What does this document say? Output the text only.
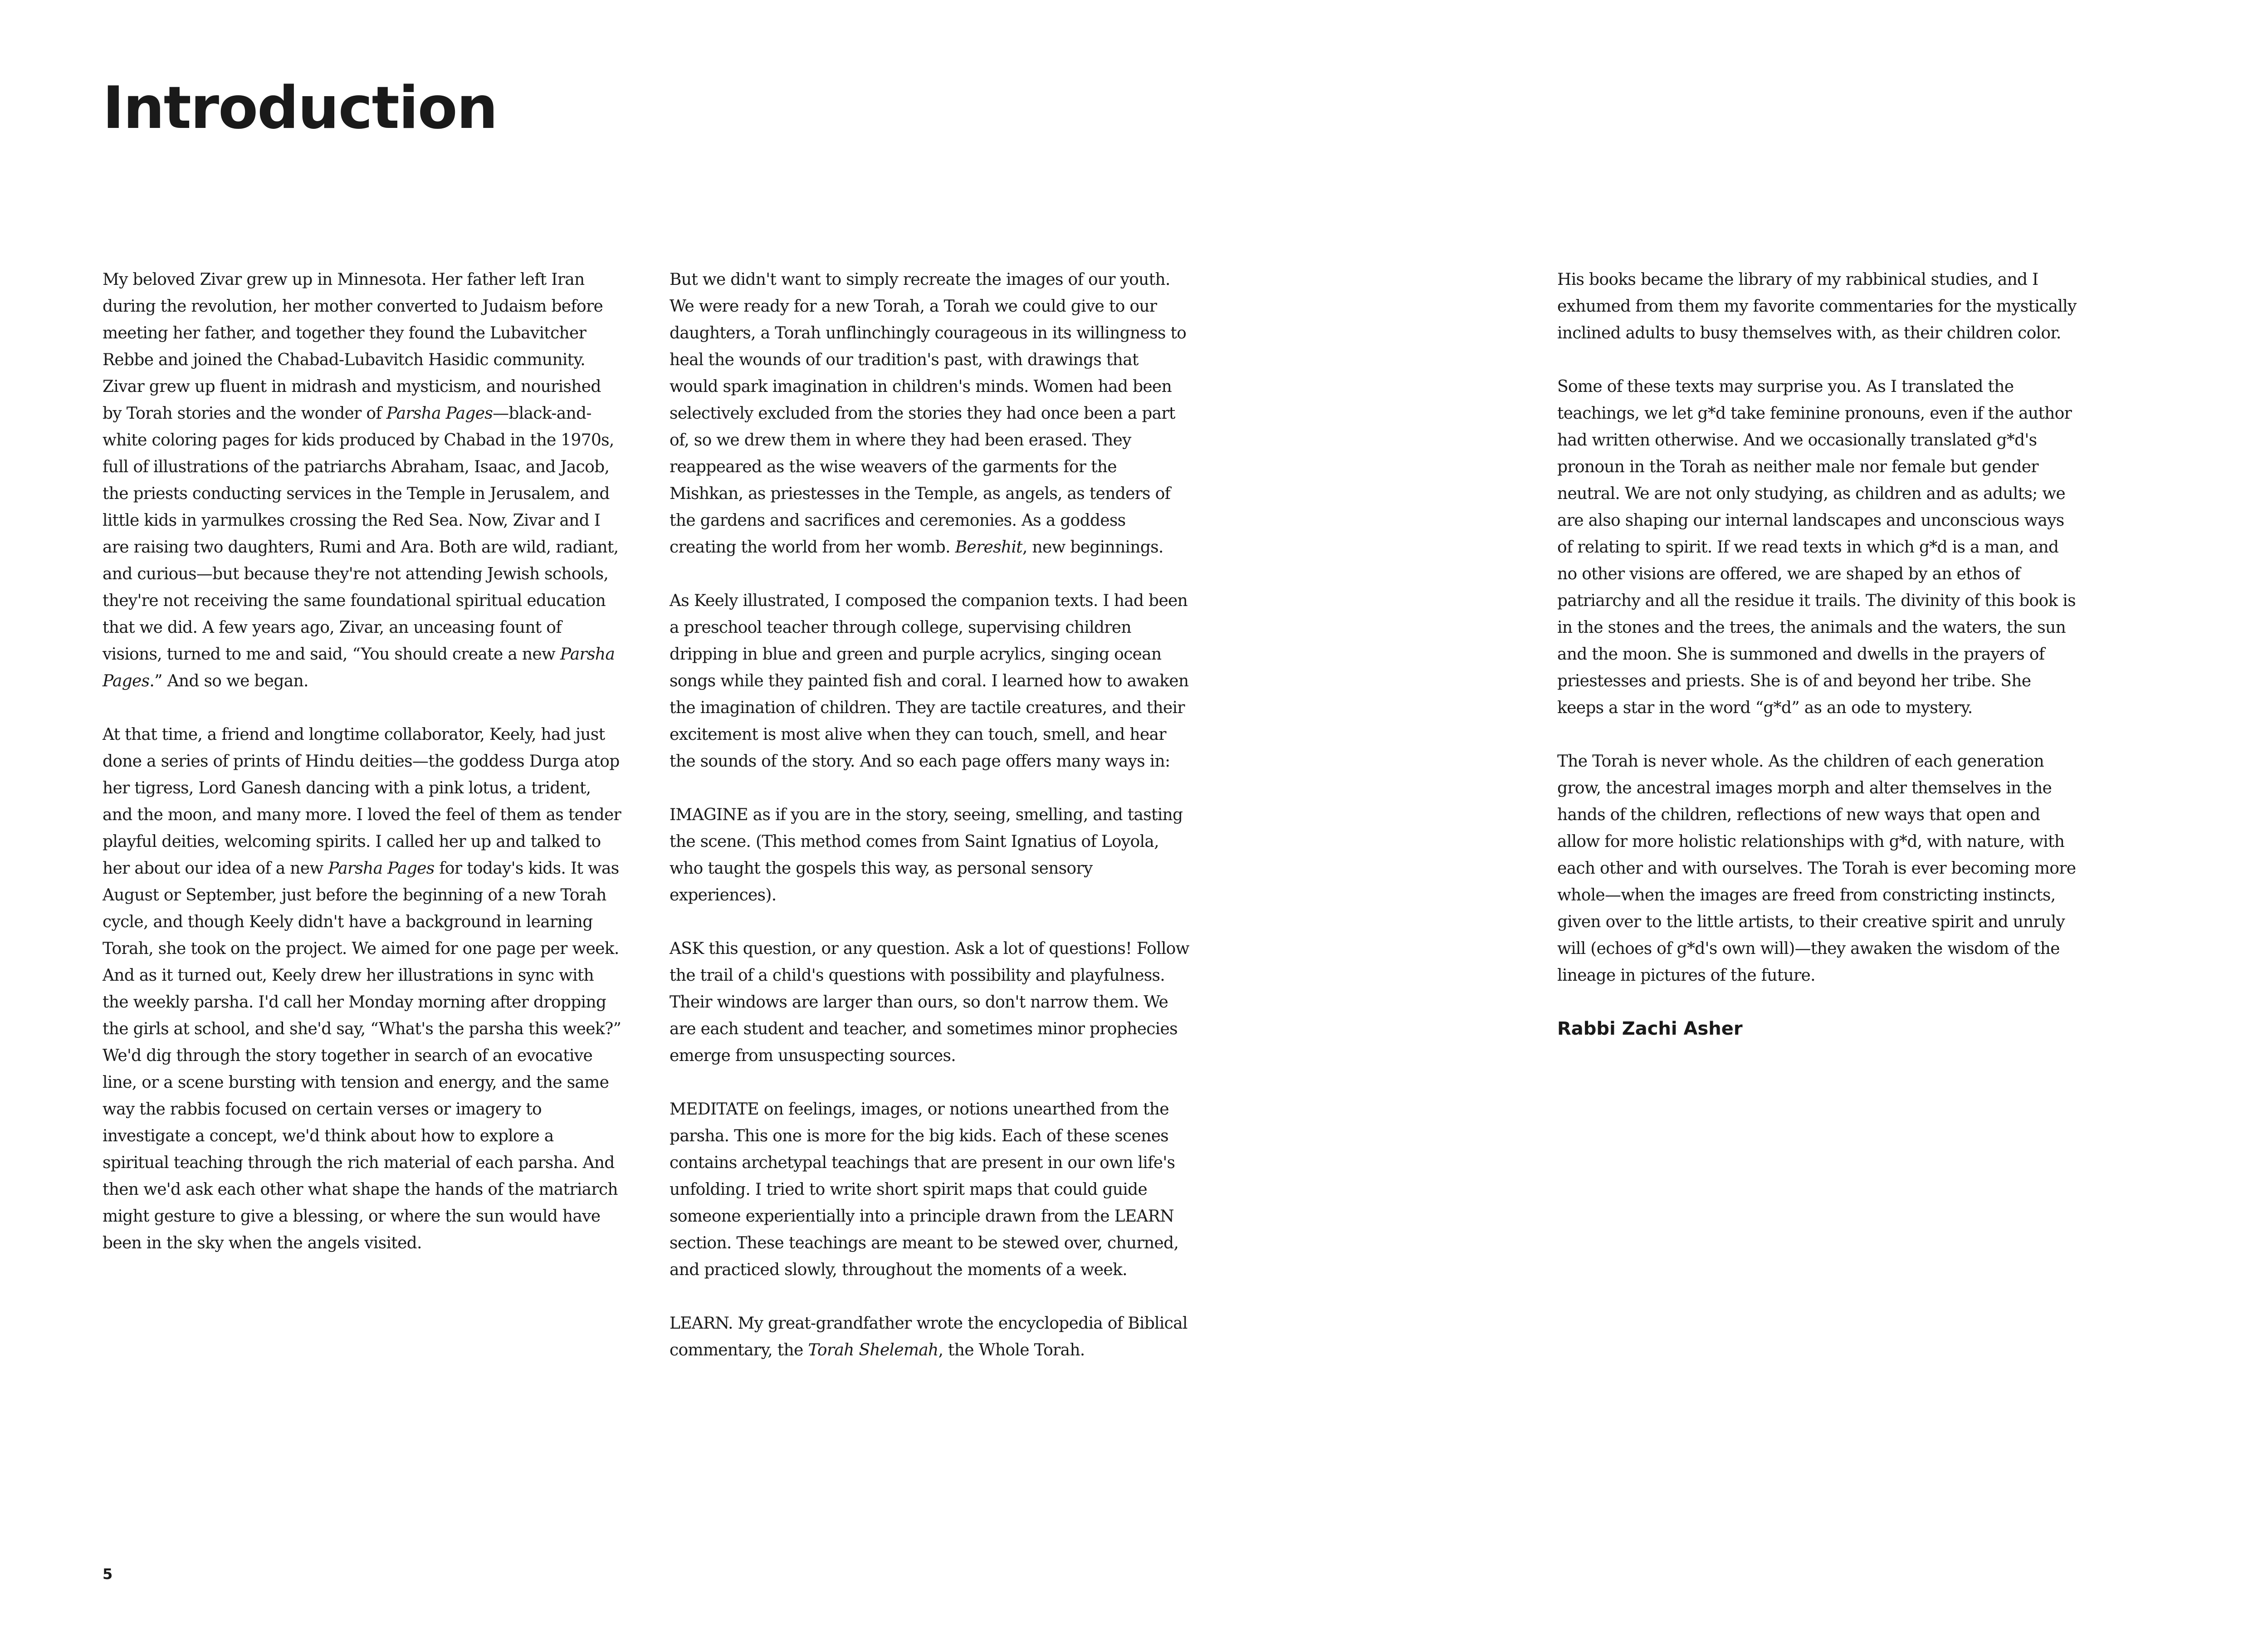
Introduction

My beloved Zivar grew up in Minnesota. Her father left Iran during the revolution, her mother converted to Judaism before meeting her father, and together they found the Lubavitcher Rebbe and joined the Chabad-Lubavitch Hasidic community. Zivar grew up fluent in midrash and mysticism, and nourished by Torah stories and the wonder of Parsha Pages—black-and-white coloring pages for kids produced by Chabad in the 1970s, full of illustrations of the patriarchs Abraham, Isaac, and Jacob, the priests conducting services in the Temple in Jerusalem, and little kids in yarmulkes crossing the Red Sea. Now, Zivar and I are raising two daughters, Rumi and Ara. Both are wild, radiant, and curious—but because they're not attending Jewish schools, they're not receiving the same foundational spiritual education that we did. A few years ago, Zivar, an unceasing fount of visions, turned to me and said, “You should create a new Parsha Pages.” And so we began.

At that time, a friend and longtime collaborator, Keely, had just done a series of prints of Hindu deities—the goddess Durga atop her tigress, Lord Ganesh dancing with a pink lotus, a trident, and the moon, and many more. I loved the feel of them as tender playful deities, welcoming spirits. I called her up and talked to her about our idea of a new Parsha Pages for today's kids. It was August or September, just before the beginning of a new Torah cycle, and though Keely didn't have a background in learning Torah, she took on the project. We aimed for one page per week. And as it turned out, Keely drew her illustrations in sync with the weekly parsha. I'd call her Monday morning after dropping the girls at school, and she'd say, “What's the parsha this week?” We'd dig through the story together in search of an evocative line, or a scene bursting with tension and energy, and the same way the rabbis focused on certain verses or imagery to investigate a concept, we'd think about how to explore a spiritual teaching through the rich material of each parsha. And then we'd ask each other what shape the hands of the matriarch might gesture to give a blessing, or where the sun would have been in the sky when the angels visited.

But we didn't want to simply recreate the images of our youth. We were ready for a new Torah, a Torah we could give to our daughters, a Torah unflinchingly courageous in its willingness to heal the wounds of our tradition's past, with drawings that would spark imagination in children's minds. Women had been selectively excluded from the stories they had once been a part of, so we drew them in where they had been erased. They reappeared as the wise weavers of the garments for the Mishkan, as priestesses in the Temple, as angels, as tenders of the gardens and sacrifices and ceremonies. As a goddess creating the world from her womb. Bereshit, new beginnings.

As Keely illustrated, I composed the companion texts. I had been a preschool teacher through college, supervising children dripping in blue and green and purple acrylics, singing ocean songs while they painted fish and coral. I learned how to awaken the imagination of children. They are tactile creatures, and their excitement is most alive when they can touch, smell, and hear the sounds of the story. And so each page offers many ways in:

IMAGINE as if you are in the story, seeing, smelling, and tasting the scene. (This method comes from Saint Ignatius of Loyola, who taught the gospels this way, as personal sensory experiences).

ASK this question, or any question. Ask a lot of questions! Follow the trail of a child's questions with possibility and playfulness. Their windows are larger than ours, so don't narrow them. We are each student and teacher, and sometimes minor prophecies emerge from unsuspecting sources.

MEDITATE on feelings, images, or notions unearthed from the parsha. This one is more for the big kids. Each of these scenes contains archetypal teachings that are present in our own life's unfolding. I tried to write short spirit maps that could guide someone experientially into a principle drawn from the LEARN section. These teachings are meant to be stewed over, churned, and practiced slowly, throughout the moments of a week.

LEARN. My great-grandfather wrote the encyclopedia of Biblical commentary, the Torah Shelemah, the Whole Torah.

His books became the library of my rabbinical studies, and I exhumed from them my favorite commentaries for the mystically inclined adults to busy themselves with, as their children color.

Some of these texts may surprise you. As I translated the teachings, we let g*d take feminine pronouns, even if the author had written otherwise. And we occasionally translated g*d's pronoun in the Torah as neither male nor female but gender neutral. We are not only studying, as children and as adults; we are also shaping our internal landscapes and unconscious ways of relating to spirit. If we read texts in which g*d is a man, and no other visions are offered, we are shaped by an ethos of patriarchy and all the residue it trails. The divinity of this book is in the stones and the trees, the animals and the waters, the sun and the moon. She is summoned and dwells in the prayers of priestesses and priests. She is of and beyond her tribe. She keeps a star in the word “g*d” as an ode to mystery.

The Torah is never whole. As the children of each generation grow, the ancestral images morph and alter themselves in the hands of the children, reflections of new ways that open and allow for more holistic relationships with g*d, with nature, with each other and with ourselves. The Torah is ever becoming more whole—when the images are freed from constricting instincts, given over to the little artists, to their creative spirit and unruly will (echoes of g*d's own will)—they awaken the wisdom of the lineage in pictures of the future.

Rabbi Zachi Asher
5
